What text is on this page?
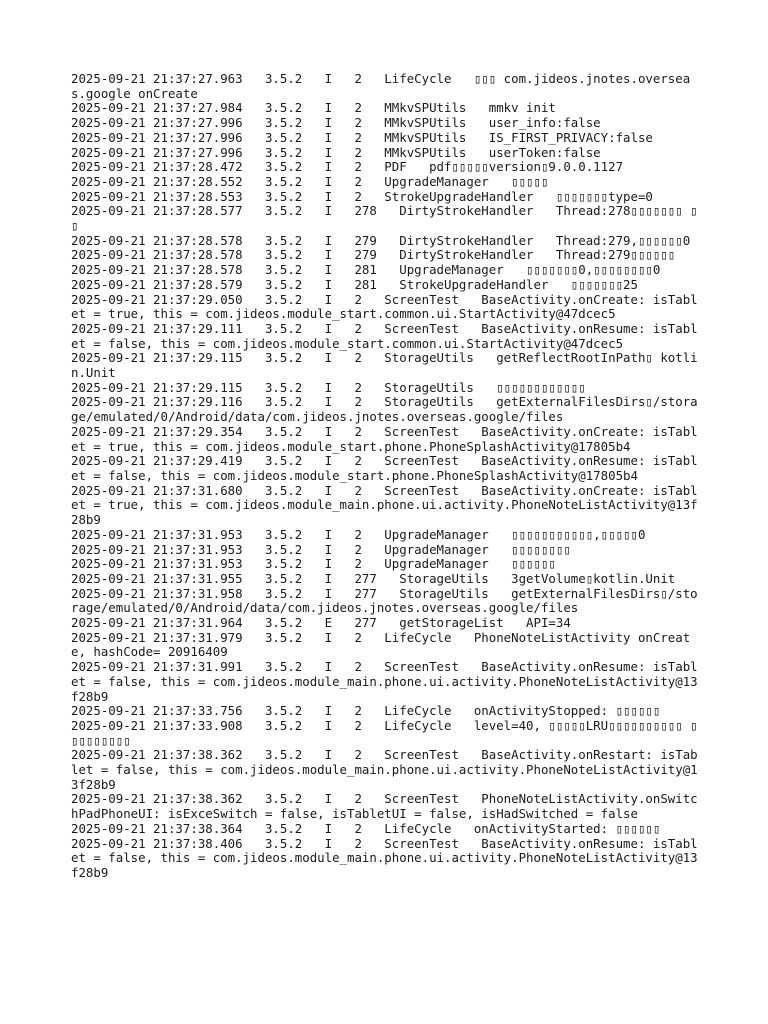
2025-09-21 21:37:27.963   3.5.2   I   2   LifeCycle   ▯▯▯ com.jideos.jnotes.overseas.google onCreate
2025-09-21 21:37:27.984   3.5.2   I   2   MMkvSPUtils   mmkv init
2025-09-21 21:37:27.996   3.5.2   I   2   MMkvSPUtils   user_info:false
2025-09-21 21:37:27.996   3.5.2   I   2   MMkvSPUtils   IS_FIRST_PRIVACY:false
2025-09-21 21:37:27.996   3.5.2   I   2   MMkvSPUtils   userToken:false
2025-09-21 21:37:28.472   3.5.2   I   2   PDF   pdf▯▯▯▯▯version▯9.0.0.1127
2025-09-21 21:37:28.552   3.5.2   I   2   UpgradeManager   ▯▯▯▯▯
2025-09-21 21:37:28.553   3.5.2   I   2   StrokeUpgradeHandler   ▯▯▯▯▯▯▯type=0
2025-09-21 21:37:28.577   3.5.2   I   278   DirtyStrokeHandler   Thread:278▯▯▯▯▯▯▯ ▯▯
2025-09-21 21:37:28.578   3.5.2   I   279   DirtyStrokeHandler   Thread:279,▯▯▯▯▯▯0
2025-09-21 21:37:28.578   3.5.2   I   279   DirtyStrokeHandler   Thread:279▯▯▯▯▯▯
2025-09-21 21:37:28.578   3.5.2   I   281   UpgradeManager   ▯▯▯▯▯▯▯0,▯▯▯▯▯▯▯▯0
2025-09-21 21:37:28.579   3.5.2   I   281   StrokeUpgradeHandler   ▯▯▯▯▯▯▯25
2025-09-21 21:37:29.050   3.5.2   I   2   ScreenTest   BaseActivity.onCreate: isTablet = true, this = com.jideos.module_start.common.ui.StartActivity@47dcec5
2025-09-21 21:37:29.111   3.5.2   I   2   ScreenTest   BaseActivity.onResume: isTablet = false, this = com.jideos.module_start.common.ui.StartActivity@47dcec5
2025-09-21 21:37:29.115   3.5.2   I   2   StorageUtils   getReflectRootInPath▯ kotlin.Unit
2025-09-21 21:37:29.115   3.5.2   I   2   StorageUtils   ▯▯▯▯▯▯▯▯▯▯▯▯
2025-09-21 21:37:29.116   3.5.2   I   2   StorageUtils   getExternalFilesDirs▯/storage/emulated/0/Android/data/com.jideos.jnotes.overseas.google/files
2025-09-21 21:37:29.354   3.5.2   I   2   ScreenTest   BaseActivity.onCreate: isTablet = true, this = com.jideos.module_start.phone.PhoneSplashActivity@17805b4
2025-09-21 21:37:29.419   3.5.2   I   2   ScreenTest   BaseActivity.onResume: isTablet = false, this = com.jideos.module_start.phone.PhoneSplashActivity@17805b4
2025-09-21 21:37:31.680   3.5.2   I   2   ScreenTest   BaseActivity.onCreate: isTablet = true, this = com.jideos.module_main.phone.ui.activity.PhoneNoteListActivity@13f28b9
2025-09-21 21:37:31.953   3.5.2   I   2   UpgradeManager   ▯▯▯▯▯▯▯▯▯▯▯,▯▯▯▯▯0
2025-09-21 21:37:31.953   3.5.2   I   2   UpgradeManager   ▯▯▯▯▯▯▯▯
2025-09-21 21:37:31.953   3.5.2   I   2   UpgradeManager   ▯▯▯▯▯▯
2025-09-21 21:37:31.955   3.5.2   I   277   StorageUtils   3getVolume▯kotlin.Unit
2025-09-21 21:37:31.958   3.5.2   I   277   StorageUtils   getExternalFilesDirs▯/storage/emulated/0/Android/data/com.jideos.jnotes.overseas.google/files
2025-09-21 21:37:31.964   3.5.2   E   277   getStorageList   API=34
2025-09-21 21:37:31.979   3.5.2   I   2   LifeCycle   PhoneNoteListActivity onCreate, hashCode= 20916409
2025-09-21 21:37:31.991   3.5.2   I   2   ScreenTest   BaseActivity.onResume: isTablet = false, this = com.jideos.module_main.phone.ui.activity.PhoneNoteListActivity@13f28b9
2025-09-21 21:37:33.756   3.5.2   I   2   LifeCycle   onActivityStopped: ▯▯▯▯▯▯
2025-09-21 21:37:33.908   3.5.2   I   2   LifeCycle   level=40, ▯▯▯▯▯LRU▯▯▯▯▯▯▯▯▯▯ ▯▯▯▯▯▯▯▯▯
2025-09-21 21:37:38.362   3.5.2   I   2   ScreenTest   BaseActivity.onRestart: isTablet = false, this = com.jideos.module_main.phone.ui.activity.PhoneNoteListActivity@13f28b9
2025-09-21 21:37:38.362   3.5.2   I   2   ScreenTest   PhoneNoteListActivity.onSwitchPadPhoneUI: isExceSwitch = false, isTabletUI = false, isHadSwitched = false
2025-09-21 21:37:38.364   3.5.2   I   2   LifeCycle   onActivityStarted: ▯▯▯▯▯▯
2025-09-21 21:37:38.406   3.5.2   I   2   ScreenTest   BaseActivity.onResume: isTablet = false, this = com.jideos.module_main.phone.ui.activity.PhoneNoteListActivity@13f28b9
